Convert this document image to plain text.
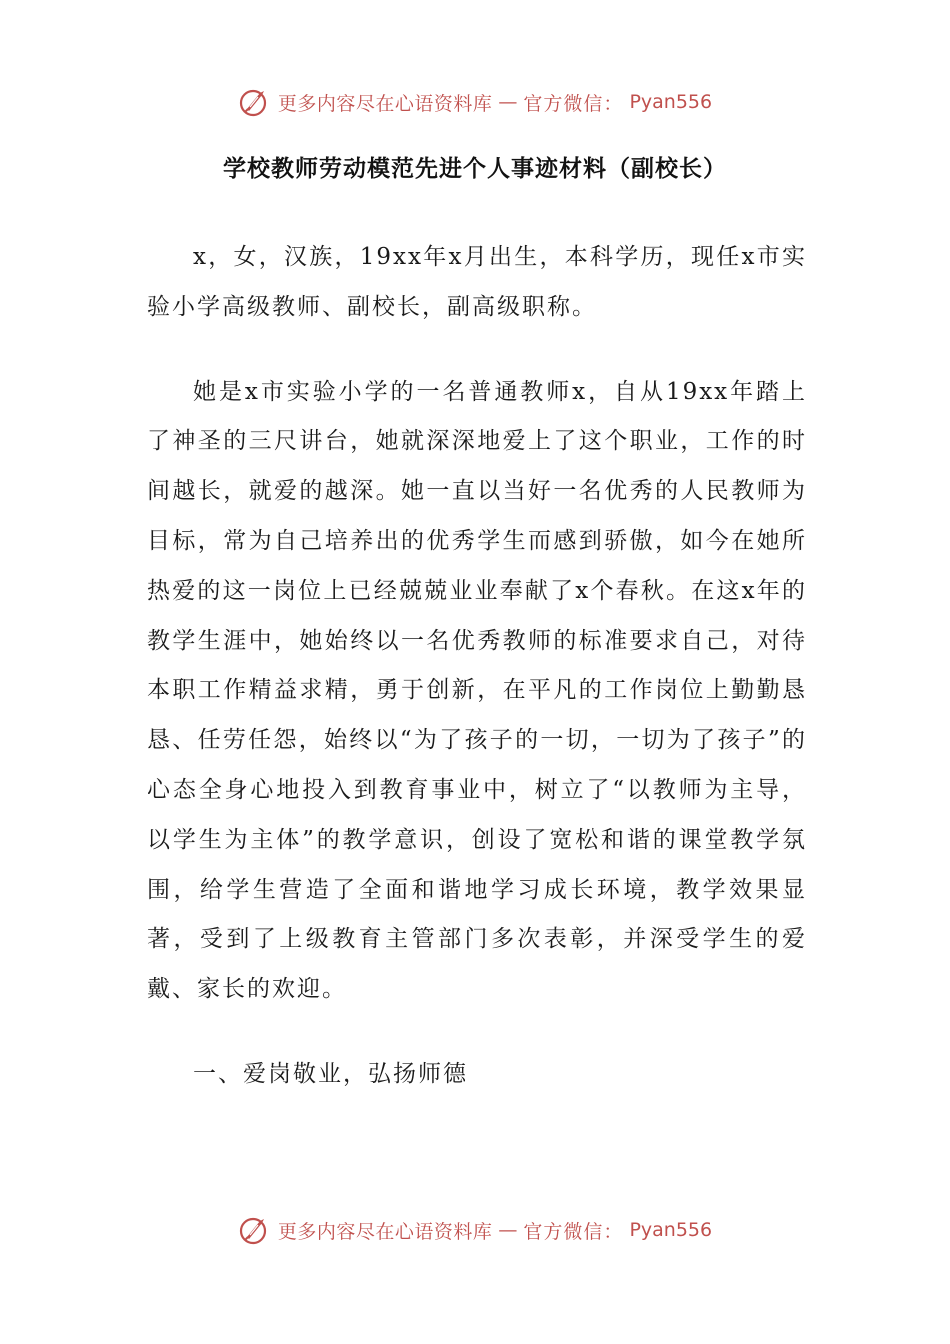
更多内容尽在心语资料库 — 官方微信： Pyan556
学校教师劳动模范先进个人事迹材料（副校长）

x，女，汉族，19xx年x月出生，本科学历，现任x市实验小学高级教师、副校长，副高级职称。

她是x市实验小学的一名普通教师x，自从19xx年踏上了神圣的三尺讲台，她就深深地爱上了这个职业，工作的时间越长，就爱的越深。她一直以当好一名优秀的人民教师为目标，常为自己培养出的优秀学生而感到骄傲，如今在她所热爱的这一岗位上已经兢兢业业奉献了x个春秋。在这x年的教学生涯中，她始终以一名优秀教师的标准要求自己，对待本职工作精益求精，勇于创新，在平凡的工作岗位上勤勤恳恳、任劳任怨，始终以“为了孩子的一切，一切为了孩子”的心态全身心地投入到教育事业中，树立了“以教师为主导，以学生为主体”的教学意识，创设了宽松和谐的课堂教学氛围，给学生营造了全面和谐地学习成长环境，教学效果显著，受到了上级教育主管部门多次表彰，并深受学生的爱戴、家长的欢迎。

一、爱岗敬业，弘扬师德

更多内容尽在心语资料库 — 官方微信： Pyan556
